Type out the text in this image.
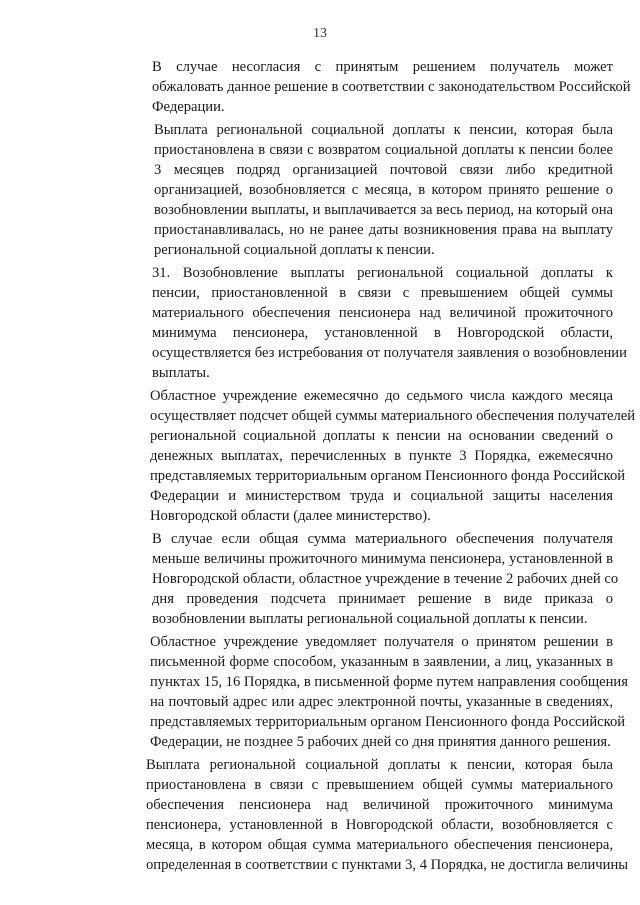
13

В случае несогласия с принятым решением получатель может
обжаловать данное решение в соответствии с законодательством Российской
Федерации.

Выплата региональной социальной доплаты к пенсии, которая была
приостановлена в связи с возвратом социальной доплаты к пенсии более
3 месяцев подряд организацией почтовой связи либо кредитной
организацией, возобновляется с месяца, в котором принято решение о
возобновлении выплаты, и выплачивается за весь период, на который она
приостанавливалась, но не ранее даты возникновения права на выплату
региональной социальной доплаты к пенсии.

31. Возобновление выплаты региональной социальной доплаты к
пенсии, приостановленной в связи с превышением общей суммы
материального обеспечения пенсионера над величиной прожиточного
минимума пенсионера, установленной в Новгородской области,
осуществляется без истребования от получателя заявления о возобновлении
выплаты.

Областное учреждение ежемесячно до седьмого числа каждого месяца
осуществляет подсчет общей суммы материального обеспечения получателей
региональной социальной доплаты к пенсии на основании сведений о
денежных выплатах, перечисленных в пункте 3 Порядка, ежемесячно
представляемых территориальным органом Пенсионного фонда Российской
Федерации и министерством труда и социальной защиты населения
Новгородской области (далее министерство).

В случае если общая сумма материального обеспечения получателя
меньше величины прожиточного минимума пенсионера, установленной в
Новгородской области, областное учреждение в течение 2 рабочих дней со
дня проведения подсчета принимает решение в виде приказа о
возобновлении выплаты региональной социальной доплаты к пенсии.

Областное учреждение уведомляет получателя о принятом решении в
письменной форме способом, указанным в заявлении, а лиц, указанных в
пунктах 15, 16 Порядка, в письменной форме путем направления сообщения
на почтовый адрес или адрес электронной почты, указанные в сведениях,
представляемых территориальным органом Пенсионного фонда Российской
Федерации, не позднее 5 рабочих дней со дня принятия данного решения.

Выплата региональной социальной доплаты к пенсии, которая была
приостановлена в связи с превышением общей суммы материального
обеспечения пенсионера над величиной прожиточного минимума
пенсионера, установленной в Новгородской области, возобновляется с
месяца, в котором общая сумма материального обеспечения пенсионера,
определенная в соответствии с пунктами 3, 4 Порядка, не достигла величины
